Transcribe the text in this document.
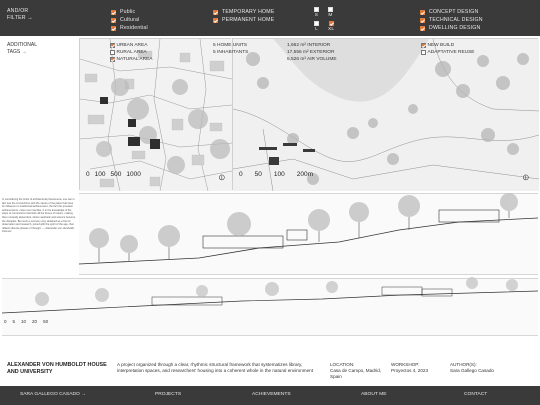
AND/OR
FILTER →
Public
Cultural
Residential
TEMPORARY HOME
PERMANENT HOME
S M
L XL
CONCEPT DESIGN
TECHNICAL DESIGN
DWELLING DESIGN
ADDITIONAL
TAGS →
In considering the limits of architectural phenomena, one can in fact see the connections with the nature of the place that have its influence on intellectual achievement, the fact the proudest achievements, notes ever inscribe. It in the knowledge of the steps of connections that links all the forces of nature, making them mutually dependent, where aesthetic and science become the disciples. But such a recovery only obtained as a fruit of observation and research, joined with the spirit of the age, that reflects diverse phases of thought. — Alexander von Humboldt, Kosmos
URBAN AREA
RURAL AREA
NATURAL AREA
0 100 500 1000	⦶
5 HOME UNITS
5 INHABITANTS
1,662 m² INTERIOR
17,556 m² EXTERIOR
5,526 m³ AIR VOLUME
NEW BUILD
ADAPTATIVE REUSE
0 50 100 200m	⦶
0 5 10 20 50
ALEXANDER VON HUMBOLDT HOUSE AND UNIVERSITY
A project organized through a clear, rhythmic structural framework that systematizes library, interpretation spaces, and researchers' housing into a coherent whole in the natural environment
LOCATION:
Casa de Campo, Madrid, Spain
WORKSHOP:
Proyectos 4, 2023
AUTHOR(S):
Sara Gallego Casado
SARA GALLEGO CASADO →	PROJECTS	ACHIEVEMENTS	ABOUT ME	CONTACT
